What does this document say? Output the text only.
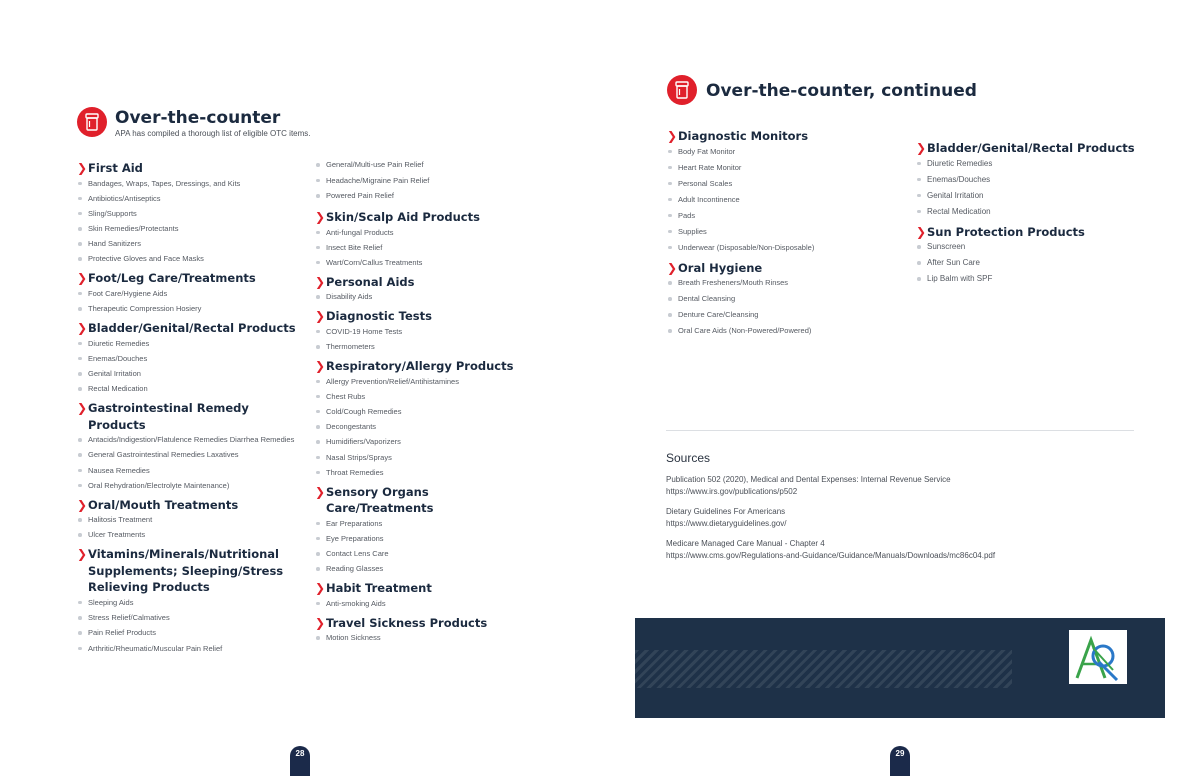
Over-the-counter
APA has compiled a thorough list of eligible OTC items.
❯ First Aid
Bandages, Wraps, Tapes, Dressings, and Kits
Antibiotics/Antiseptics
Sling/Supports
Skin Remedies/Protectants
Hand Sanitizers
Protective Gloves and Face Masks
❯ Foot/Leg Care/Treatments
Foot Care/Hygiene Aids
Therapeutic Compression Hosiery
❯ Bladder/Genital/Rectal Products
Diuretic Remedies
Enemas/Douches
Genital Irritation
Rectal Medication
❯ Gastrointestinal Remedy Products
Antacids/Indigestion/Flatulence Remedies Diarrhea Remedies
General Gastrointestinal Remedies Laxatives
Nausea Remedies
Oral Rehydration/Electrolyte Maintenance)
❯ Oral/Mouth Treatments
Halitosis Treatment
Ulcer Treatments
❯ Vitamins/Minerals/Nutritional Supplements; Sleeping/Stress Relieving Products
Sleeping Aids
Stress Relief/Calmatives
Pain Relief Products
Arthritic/Rheumatic/Muscular Pain Relief
General/Multi-use Pain Relief
Headache/Migraine Pain Relief
Powered Pain Relief
❯ Skin/Scalp Aid Products
Anti-fungal Products
Insect Bite Relief
Wart/Corn/Callus Treatments
❯ Personal Aids
Disability Aids
❯ Diagnostic Tests
COVID-19 Home Tests
Thermometers
❯ Respiratory/Allergy Products
Allergy Prevention/Relief/Antihistamines
Chest Rubs
Cold/Cough Remedies
Decongestants
Humidifiers/Vaporizers
Nasal Strips/Sprays
Throat Remedies
❯ Sensory Organs Care/Treatments
Ear Preparations
Eye Preparations
Contact Lens Care
Reading Glasses
❯ Habit Treatment
Anti-smoking Aids
❯ Travel Sickness Products
Motion Sickness
28
Over-the-counter, continued
❯ Diagnostic Monitors
Body Fat Monitor
Heart Rate Monitor
Personal Scales
Adult Incontinence
Pads
Supplies
Underwear (Disposable/Non-Disposable)
❯ Oral Hygiene
Breath Fresheners/Mouth Rinses
Dental Cleansing
Denture Care/Cleansing
Oral Care Aids (Non-Powered/Powered)
❯ Bladder/Genital/Rectal Products
Diuretic Remedies
Enemas/Douches
Genital Irritation
Rectal Medication
❯ Sun Protection Products
Sunscreen
After Sun Care
Lip Balm with SPF
Sources

Publication 502 (2020), Medical and Dental Expenses: Internal Revenue Service
https://www.irs.gov/publications/p502

Dietary Guidelines For Americans
https://www.dietaryguidelines.gov/

Medicare Managed Care Manual - Chapter 4
https://www.cms.gov/Regulations-and-Guidance/Guidance/Manuals/Downloads/mc86c04.pdf

29
